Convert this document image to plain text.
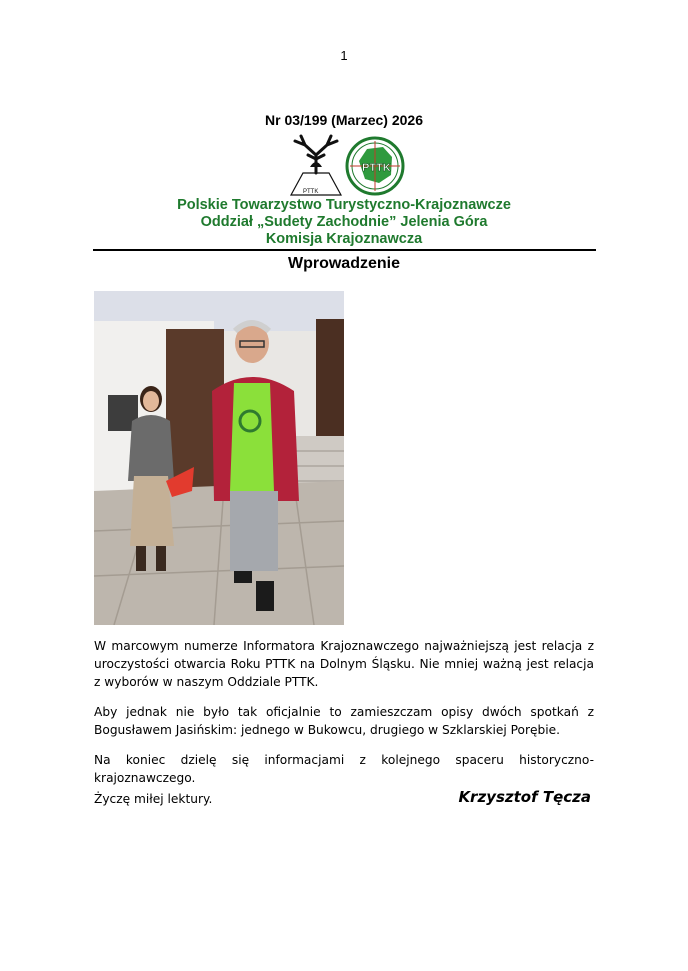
1
Nr 03/199 (Marzec) 2026
PTTK
PTTK
Polskie Towarzystwo Turystyczno-Krajoznawcze
Oddział „Sudety Zachodnie” Jelenia Góra
Komisja Krajoznawcza
Wprowadzenie

W marcowym numerze Informatora Krajoznawczego najważniejszą jest relacja z uroczystości otwarcia Roku PTTK na Dolnym Śląsku. Nie mniej ważną jest relacja z wyborów w naszym Oddziale PTTK.

Aby jednak nie było tak oficjalnie to zamieszczam opisy dwóch spotkań z Bogusławem Jasińskim: jednego w Bukowcu, drugiego w Szklarskiej Porębie.

Na koniec dzielę się informacjami z kolejnego spaceru historyczno-krajoznawczego.

Życzę miłej lektury.	Krzysztof Tęcza
